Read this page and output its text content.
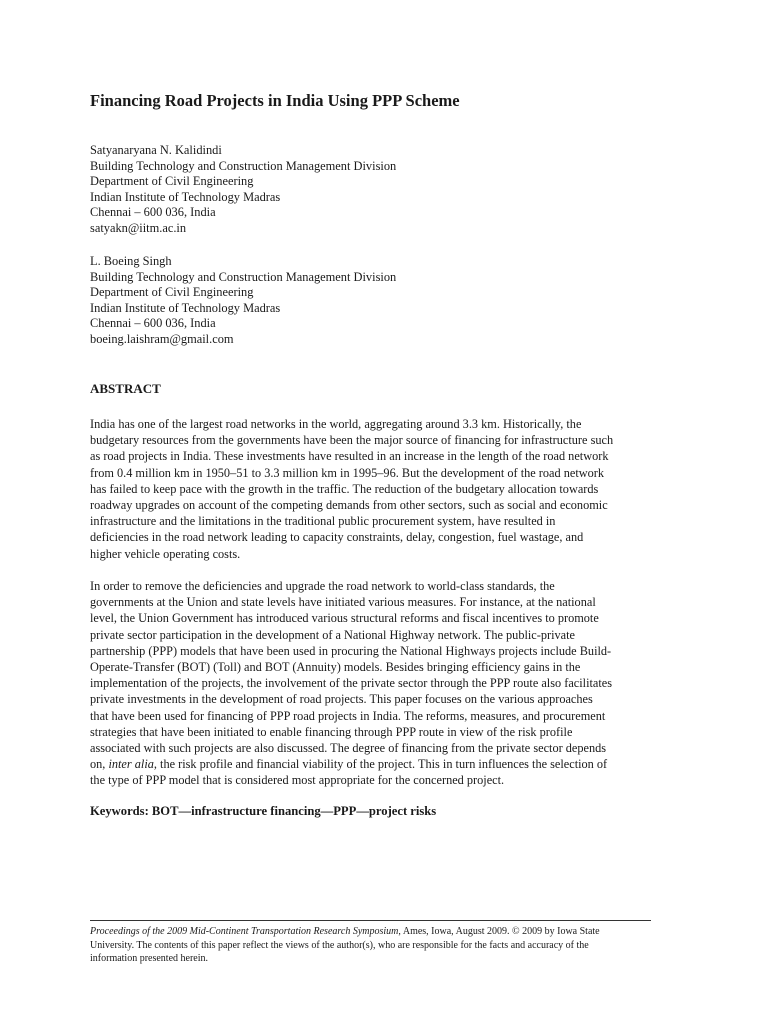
Financing Road Projects in India Using PPP Scheme
Satyanaryana N. Kalidindi
Building Technology and Construction Management Division
Department of Civil Engineering
Indian Institute of Technology Madras
Chennai – 600 036, India
satyakn@iitm.ac.in
L. Boeing Singh
Building Technology and Construction Management Division
Department of Civil Engineering
Indian Institute of Technology Madras
Chennai – 600 036, India
boeing.laishram@gmail.com
ABSTRACT

India has one of the largest road networks in the world, aggregating around 3.3 km. Historically, the
budgetary resources from the governments have been the major source of financing for infrastructure such
as road projects in India. These investments have resulted in an increase in the length of the road network
from 0.4 million km in 1950–51 to 3.3 million km in 1995–96. But the development of the road network
has failed to keep pace with the growth in the traffic. The reduction of the budgetary allocation towards
roadway upgrades on account of the competing demands from other sectors, such as social and economic
infrastructure and the limitations in the traditional public procurement system, have resulted in
deficiencies in the road network leading to capacity constraints, delay, congestion, fuel wastage, and
higher vehicle operating costs.

In order to remove the deficiencies and upgrade the road network to world-class standards, the
governments at the Union and state levels have initiated various measures. For instance, at the national
level, the Union Government has introduced various structural reforms and fiscal incentives to promote
private sector participation in the development of a National Highway network. The public-private
partnership (PPP) models that have been used in procuring the National Highways projects include Build-
Operate-Transfer (BOT) (Toll) and BOT (Annuity) models. Besides bringing efficiency gains in the
implementation of the projects, the involvement of the private sector through the PPP route also facilitates
private investments in the development of road projects. This paper focuses on the various approaches
that have been used for financing of PPP road projects in India. The reforms, measures, and procurement
strategies that have been initiated to enable financing through PPP route in view of the risk profile
associated with such projects are also discussed. The degree of financing from the private sector depends
on, inter alia, the risk profile and financial viability of the project. This in turn influences the selection of
the type of PPP model that is considered most appropriate for the concerned project.

Keywords: BOT—infrastructure financing—PPP—project risks

Proceedings of the 2009 Mid-Continent Transportation Research Symposium, Ames, Iowa, August 2009. © 2009 by Iowa State
University. The contents of this paper reflect the views of the author(s), who are responsible for the facts and accuracy of the
information presented herein.
